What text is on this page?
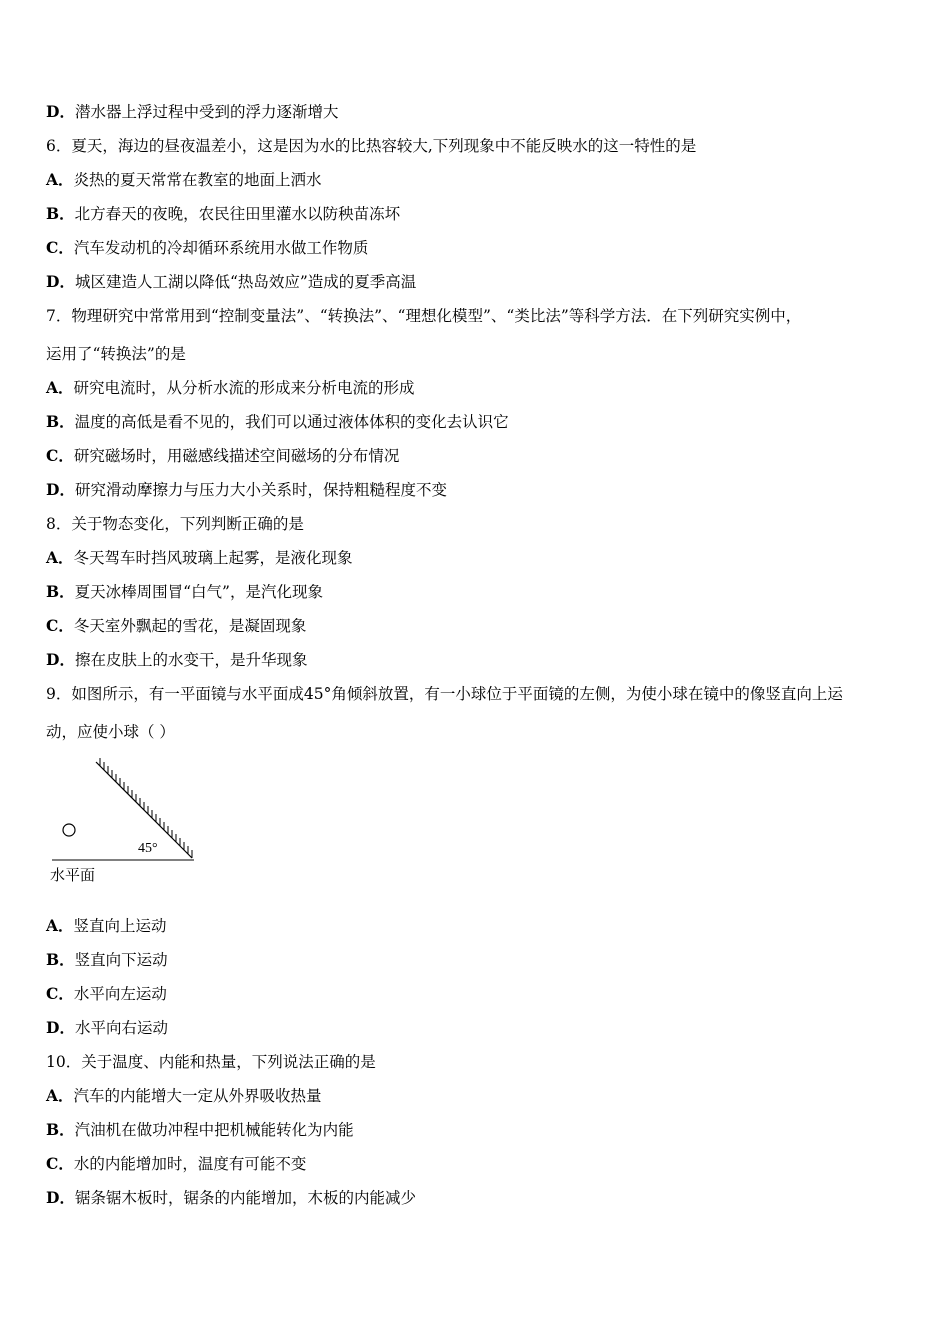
D．潜水器上浮过程中受到的浮力逐渐增大
6．夏天，海边的昼夜温差小，这是因为水的比热容较大,下列现象中不能反映水的这一特性的是
A．炎热的夏天常常在教室的地面上洒水
B．北方春天的夜晚，农民往田里灌水以防秧苗冻坏
C．汽车发动机的冷却循环系统用水做工作物质
D．城区建造人工湖以降低“热岛效应”造成的夏季高温
7．物理研究中常常用到“控制变量法”、“转换法”、“理想化模型”、“类比法”等科学方法．在下列研究实例中，
运用了“转换法”的是
A．研究电流时，从分析水流的形成来分析电流的形成
B．温度的高低是看不见的，我们可以通过液体体积的变化去认识它
C．研究磁场时，用磁感线描述空间磁场的分布情况
D．研究滑动摩擦力与压力大小关系时，保持粗糙程度不变
8．关于物态变化，下列判断正确的是
A．冬天驾车时挡风玻璃上起雾，是液化现象
B．夏天冰棒周围冒“白气”，是汽化现象
C．冬天室外飘起的雪花，是凝固现象
D．擦在皮肤上的水变干，是升华现象
9．如图所示，有一平面镜与水平面成45°角倾斜放置，有一小球位于平面镜的左侧，为使小球在镜中的像竖直向上运
动，应使小球（ ）
45°
水平面
A．竖直向上运动
B．竖直向下运动
C．水平向左运动
D．水平向右运动
10．关于温度、内能和热量，下列说法正确的是
A．汽车的内能增大一定从外界吸收热量
B．汽油机在做功冲程中把机械能转化为内能
C．水的内能增加时，温度有可能不变
D．锯条锯木板时，锯条的内能增加，木板的内能减少
